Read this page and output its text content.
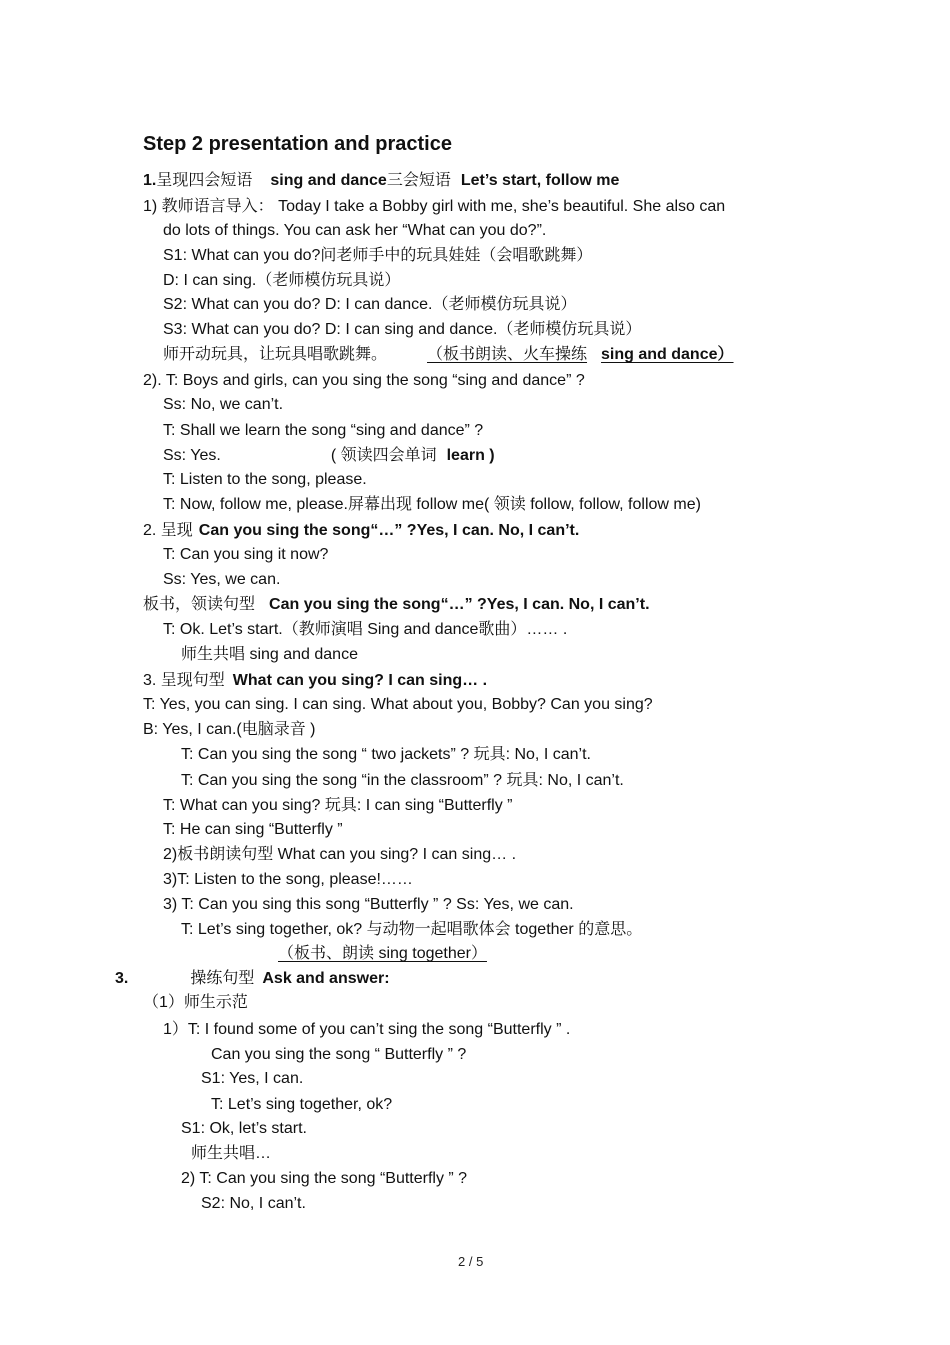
Step 2 presentation and practice
1.呈现四会短语 sing and dance三会短语 Let’s start, follow me
1) 教师语言导入： Today I take a Bobby girl with me, she’s beautiful. She also can
do lots of things. You can ask her “What can you do?”.
S1: What can you do?问老师手中的玩具娃娃（会唱歌跳舞）
D: I can sing.（老师模仿玩具说）
S2: What can you do? D: I can dance.（老师模仿玩具说）
S3: What can you do? D: I can sing and dance.（老师模仿玩具说）
师开动玩具，让玩具唱歌跳舞。	（板书朗读、火车操练 sing and dance）
2). T: Boys and girls, can you sing the song “sing and dance” ?
Ss: No, we can’t.
T: Shall we learn the song “sing and dance” ?
Ss: Yes.	( 领读四会单词 learn )
T: Listen to the song, please.
T: Now, follow me, please.屏幕出现 follow me( 领读 follow, follow, follow me)
2. 呈现 Can you sing the song“…” ?Yes, I can. No, I can’t.
T: Can you sing it now?
Ss: Yes, we can.
板书，领读句型 Can you sing the song“…” ?Yes, I can. No, I can’t.
T: Ok. Let’s start.（教师演唱 Sing and dance歌曲）…… .
师生共唱 sing and dance
3. 呈现句型 What can you sing? I can sing… .
T: Yes, you can sing. I can sing. What about you, Bobby? Can you sing?
B: Yes, I can.(电脑录音 )
T: Can you sing the song “ two jackets” ? 玩具: No, I can’t.
T: Can you sing the song “in the classroom” ? 玩具: No, I can’t.
T: What can you sing? 玩具: I can sing “Butterfly ”
T: He can sing “Butterfly ”
2)板书朗读句型 What can you sing? I can sing… .
3)T: Listen to the song, please!……
3) T: Can you sing this song “Butterfly ” ? Ss: Yes, we can.
T: Let’s sing together, ok? 与动物一起唱歌体会 together 的意思。
（板书、朗读 sing together）
3.	操练句型 Ask and answer:
（1）师生示范
1）T: I found some of you can’t sing the song “Butterfly ” .
Can you sing the song “ Butterfly ” ?
S1: Yes, I can.
T: Let’s sing together, ok?
S1: Ok, let’s start.
师生共唱…
2) T: Can you sing the song “Butterfly ” ?
S2: No, I can’t.
2 / 5
